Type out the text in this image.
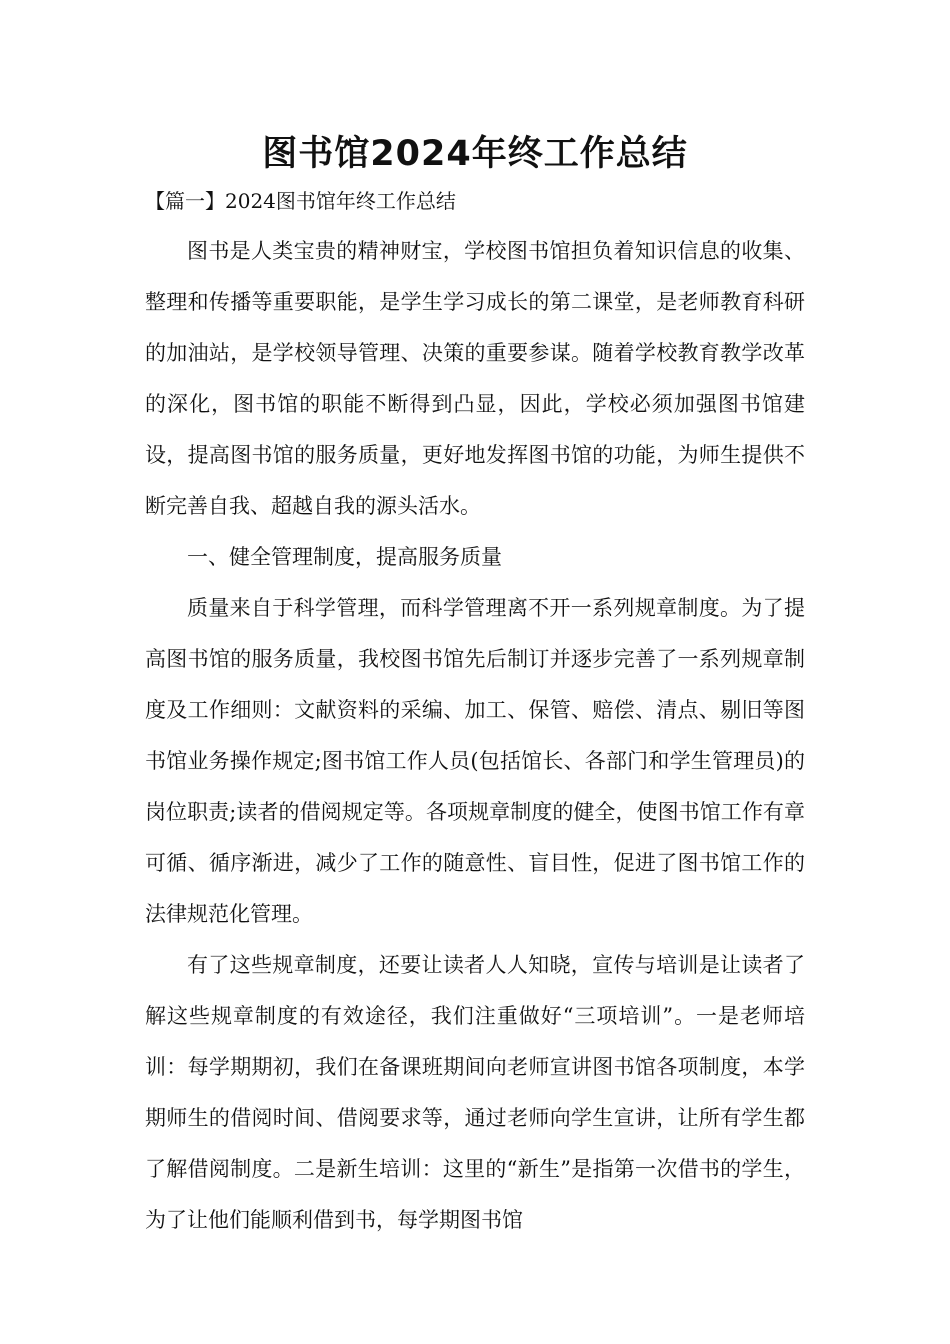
图书馆2024年终工作总结
【篇一】2024图书馆年终工作总结

图书是人类宝贵的精神财宝，学校图书馆担负着知识信息的收集、整理和传播等重要职能，是学生学习成长的第二课堂，是老师教育科研的加油站，是学校领导管理、决策的重要参谋。随着学校教育教学改革的深化，图书馆的职能不断得到凸显，因此，学校必须加强图书馆建设，提高图书馆的服务质量，更好地发挥图书馆的功能，为师生提供不断完善自我、超越自我的源头活水。

一、健全管理制度，提高服务质量

质量来自于科学管理，而科学管理离不开一系列规章制度。为了提高图书馆的服务质量，我校图书馆先后制订并逐步完善了一系列规章制度及工作细则：文献资料的采编、加工、保管、赔偿、清点、剔旧等图书馆业务操作规定;图书馆工作人员(包括馆长、各部门和学生管理员)的岗位职责;读者的借阅规定等。各项规章制度的健全，使图书馆工作有章可循、循序渐进，减少了工作的随意性、盲目性，促进了图书馆工作的法律规范化管理。

有了这些规章制度，还要让读者人人知晓，宣传与培训是让读者了解这些规章制度的有效途径，我们注重做好“三项培训”。一是老师培训：每学期期初，我们在备课班期间向老师宣讲图书馆各项制度，本学期师生的借阅时间、借阅要求等，通过老师向学生宣讲，让所有学生都了解借阅制度。二是新生培训：这里的“新生”是指第一次借书的学生，为了让他们能顺利借到书，每学期图书馆
